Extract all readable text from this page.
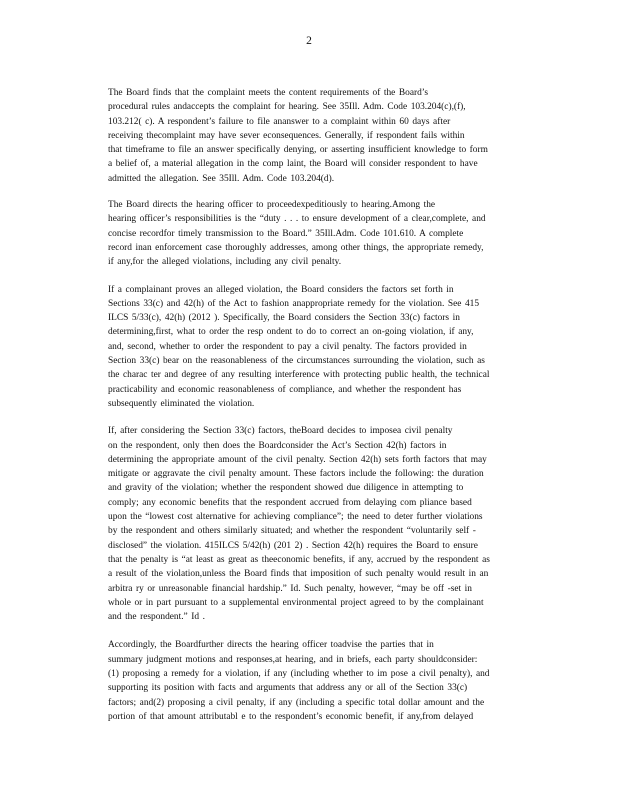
2

The Board finds that the complaint meets the content requirements of the Board’s
procedural rules andaccepts the complaint for hearing. See 35Ill. Adm. Code 103.204(c),(f),
103.212( c). A respondent’s failure to file ananswer to a complaint within 60 days after
receiving thecomplaint may have sever econsequences. Generally, if respondent fails within
that timeframe to file an answer specifically denying, or asserting insufficient knowledge to form
a belief of, a material allegation in the comp laint, the Board will consider respondent to have
admitted the allegation. See 35Ill. Adm. Code 103.204(d).

The Board directs the hearing officer to proceedexpeditiously to hearing.Among the
hearing officer’s responsibilities is the “duty . . . to ensure development of a clear,complete, and
concise recordfor timely transmission to the Board.” 35Ill.Adm. Code 101.610. A complete
record inan enforcement case thoroughly addresses, among other things, the appropriate remedy,
if any,for the alleged violations, including any civil penalty.

If a complainant proves an alleged violation, the Board considers the factors set forth in
Sections 33(c) and 42(h) of the Act to fashion anappropriate remedy for the violation. See 415
ILCS 5/33(c), 42(h) (2012 ). Specifically, the Board considers the Section 33(c) factors in
determining,first, what to order the resp ondent to do to correct an on-going violation, if any,
and, second, whether to order the respondent to pay a civil penalty. The factors provided in
Section 33(c) bear on the reasonableness of the circumstances surrounding the violation, such as
the charac ter and degree of any resulting interference with protecting public health, the technical
practicability and economic reasonableness of compliance, and whether the respondent has
subsequently eliminated the violation.

If, after considering the Section 33(c) factors, theBoard decides to imposea civil penalty
on the respondent, only then does the Boardconsider the Act’s Section 42(h) factors in
determining the appropriate amount of the civil penalty. Section 42(h) sets forth factors that may
mitigate or aggravate the civil penalty amount. These factors include the following: the duration
and gravity of the violation; whether the respondent showed due diligence in attempting to
comply; any economic benefits that the respondent accrued from delaying com pliance based
upon the “lowest cost alternative for achieving compliance”; the need to deter further violations
by the respondent and others similarly situated; and whether the respondent “voluntarily self -
disclosed” the violation. 415ILCS 5/42(h) (201 2) . Section 42(h) requires the Board to ensure
that the penalty is “at least as great as theeconomic benefits, if any, accrued by the respondent as
a result of the violation,unless the Board finds that imposition of such penalty would result in an
arbitra ry or unreasonable financial hardship.” Id. Such penalty, however, “may be off -set in
whole or in part pursuant to a supplemental environmental project agreed to by the complainant
and the respondent.” Id .

Accordingly, the Boardfurther directs the hearing officer toadvise the parties that in
summary judgment motions and responses,at hearing, and in briefs, each party shouldconsider:
(1) proposing a remedy for a violation, if any (including whether to im pose a civil penalty), and
supporting its position with facts and arguments that address any or all of the Section 33(c)
factors; and(2) proposing a civil penalty, if any (including a specific total dollar amount and the
portion of that amount attributabl e to the respondent’s economic benefit, if any,from delayed
